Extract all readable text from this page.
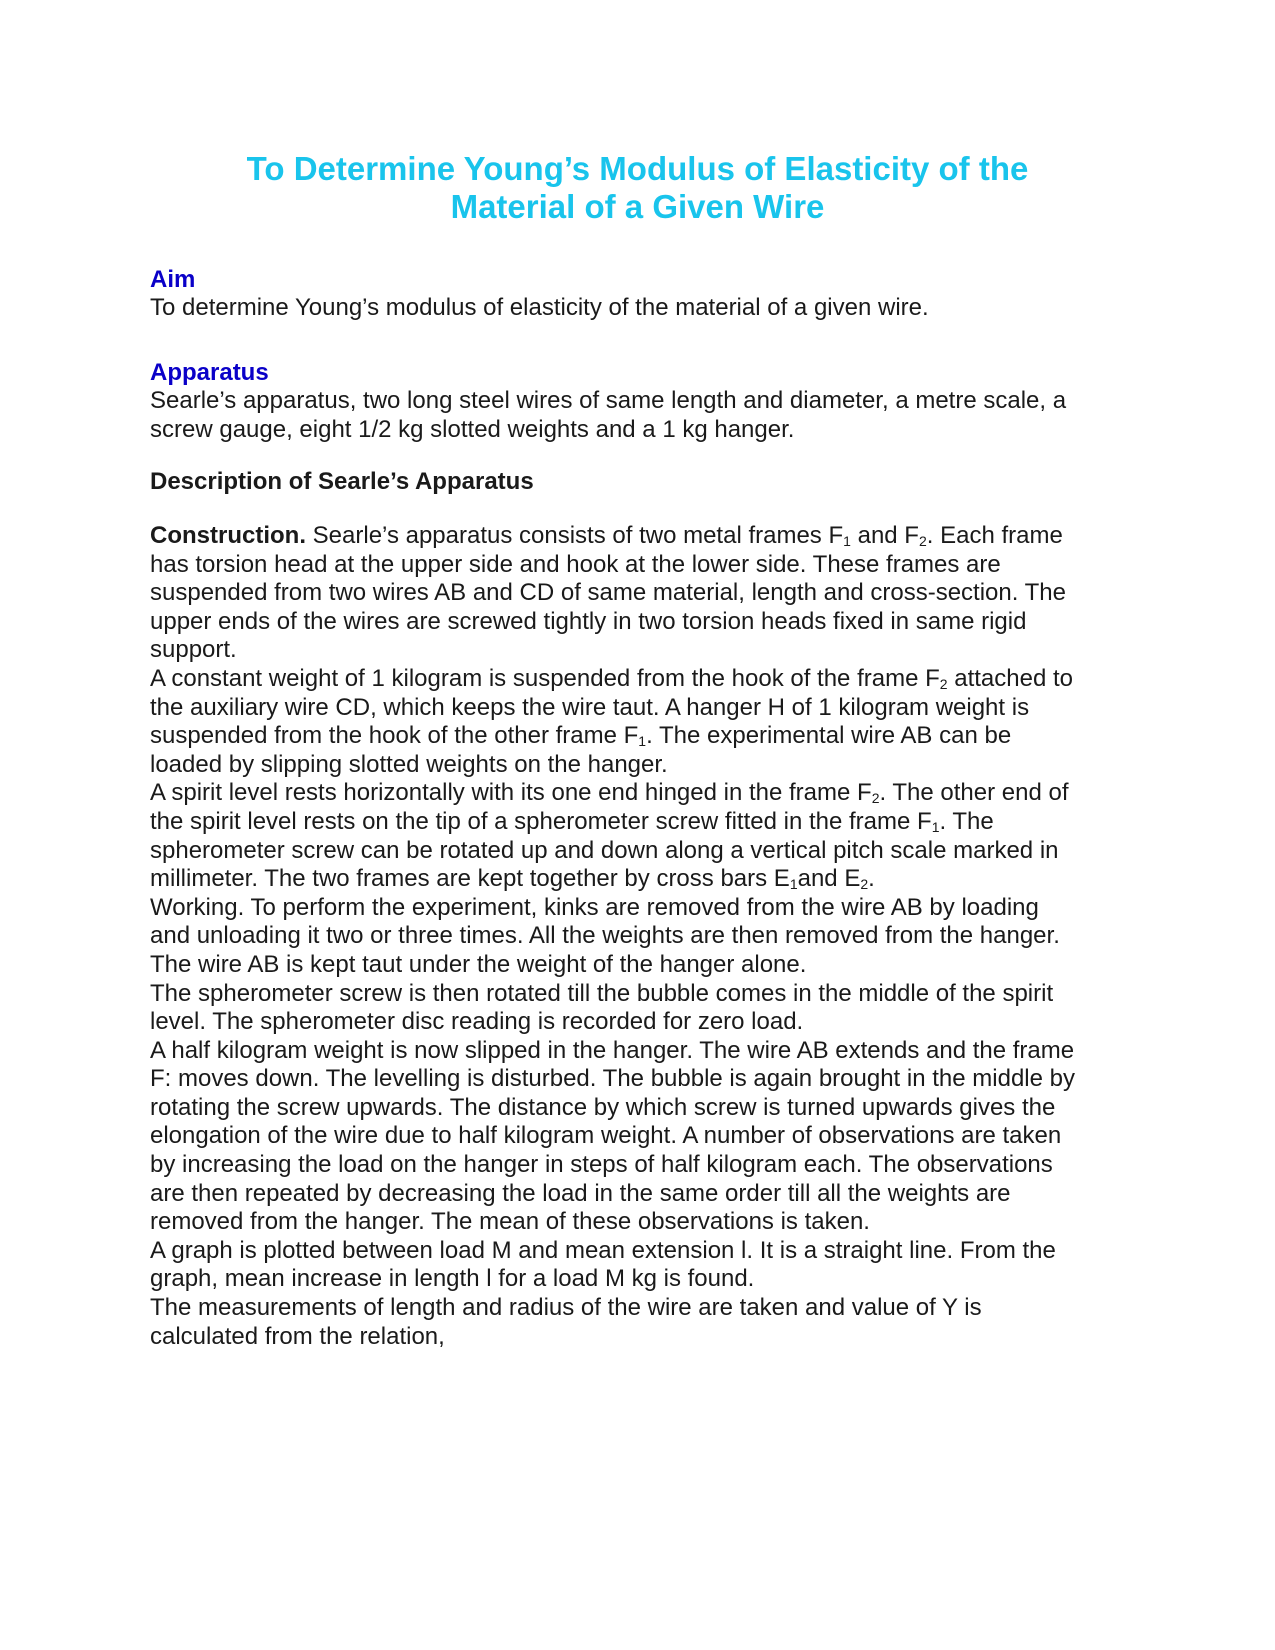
To Determine Young’s Modulus of Elasticity of the
Material of a Given Wire
Aim

To determine Young’s modulus of elasticity of the material of a given wire.

Apparatus

Searle’s apparatus, two long steel wires of same length and diameter, a metre scale, a
screw gauge, eight 1/2 kg slotted weights and a 1 kg hanger.

Description of Searle’s Apparatus
Construction. Searle’s apparatus consists of two metal frames $F_1$ and $F_2$. Each frame
has torsion head at the upper side and hook at the lower side. These frames are
suspended from two wires AB and CD of same material, length and cross-section. The
upper ends of the wires are screwed tightly in two torsion heads fixed in same rigid
support.
A constant weight of 1 kilogram is suspended from the hook of the frame $F_2$ attached to
the auxiliary wire CD, which keeps the wire taut. A hanger H of 1 kilogram weight is
suspended from the hook of the other frame $F_1$. The experimental wire AB can be
loaded by slipping slotted weights on the hanger.
A spirit level rests horizontally with its one end hinged in the frame $F_2$. The other end of
the spirit level rests on the tip of a spherometer screw fitted in the frame $F_1$. The
spherometer screw can be rotated up and down along a vertical pitch scale marked in
millimeter. The two frames are kept together by cross bars $E_1and$ $E_2$.
Working. To perform the experiment, kinks are removed from the wire AB by loading
and unloading it two or three times. All the weights are then removed from the hanger.
The wire AB is kept taut under the weight of the hanger alone.
The spherometer screw is then rotated till the bubble comes in the middle of the spirit
level. The spherometer disc reading is recorded for zero load.
A half kilogram weight is now slipped in the hanger. The wire AB extends and the frame
F: moves down. The levelling is disturbed. The bubble is again brought in the middle by
rotating the screw upwards. The distance by which screw is turned upwards gives the
elongation of the wire due to half kilogram weight. A number of observations are taken
by increasing the load on the hanger in steps of half kilogram each. The observations
are then repeated by decreasing the load in the same order till all the weights are
removed from the hanger. The mean of these observations is taken.
A graph is plotted between load M and mean extension l. It is a straight line. From the
graph, mean increase in length l for a load M kg is found.
The measurements of length and radius of the wire are taken and value of Y is
calculated from the relation,
